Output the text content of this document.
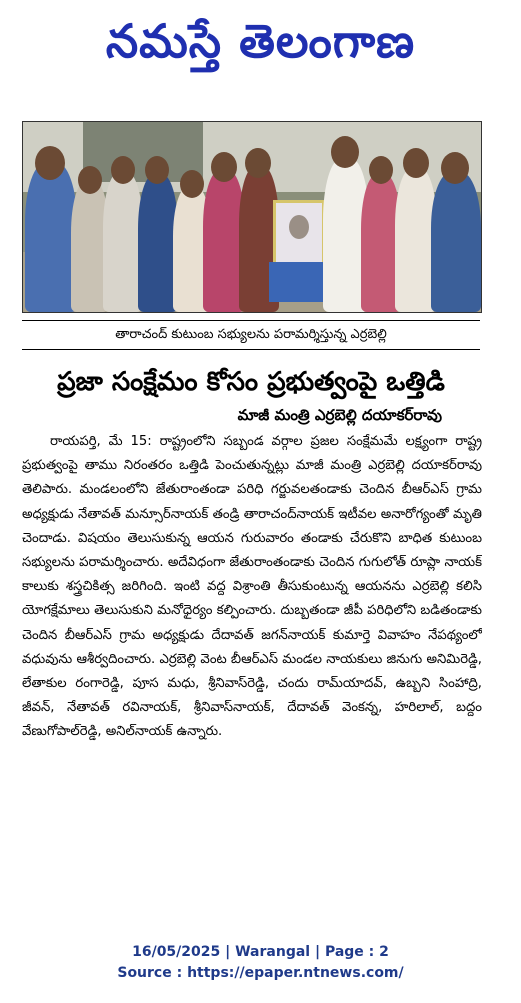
నమస్తే తెలంగాణ

తారాచంద్ కుటుంబ సభ్యులను పరామర్శిస్తున్న ఎర్రబెల్లి
ప్రజా సంక్షేమం కోసం ప్రభుత్వంపై ఒత్తిడి
మాజీ మంత్రి ఎర్రబెల్లి దయాకర్‌రావు
రాయపర్తి, మే 15: రాష్ట్రంలోని సబ్బండ వర్గాల ప్రజల సంక్షేమమే లక్ష్యంగా రాష్ట్ర ప్రభుత్వంపై తాము నిరంతరం ఒత్తిడి పెంచుతున్నట్లు మాజీ మంత్రి ఎర్రబెల్లి దయాకర్‌రావు తెలిపారు. మండలంలోని జేతురాంతండా పరిధి గర్జువలతండాకు చెందిన బీఆర్‌ఎస్ గ్రామ అధ్యక్షుడు నేతావత్ మన్సూర్‌నాయక్ తండ్రి తారాచంద్‌నాయక్ ఇటీవల అనారోగ్యంతో మృతి చెందాడు. విషయం తెలుసుకున్న ఆయన గురువారం తండాకు చేరుకొని బాధిత కుటుంబ సభ్యులను పరామర్శించారు. అదేవిధంగా జేతురాంతండాకు చెందిన గుగులోత్ రూప్లా నాయక్ కాలుకు శస్త్రచికిత్స జరిగింది. ఇంటి వద్ద విశ్రాంతి తీసుకుంటున్న ఆయనను ఎర్రబెల్లి కలిసి యోగక్షేమాలు తెలుసుకుని మనోధైర్యం కల్పించారు. దుబ్బతండా జీపీ పరిధిలోని బడితండాకు చెందిన బీఆర్‌ఎస్ గ్రామ అధ్యక్షుడు దేదావత్ జగన్‌నాయక్ కుమార్తె వివాహం నేపథ్యంలో వధువును ఆశీర్వదించారు. ఎర్రబెల్లి వెంట బీఆర్‌ఎస్ మండల నాయకులు జినుగు అనిమిరెడ్డి, లేతాకుల రంగారెడ్డి, పూస మధు, శ్రీనివాస్‌రెడ్డి, చందు రామ్‌యాదవ్, ఉబ్బని సింహాద్రి, జీవన్, నేతావత్ రవినాయక్, శ్రీనివాస్‌నాయక్, దేదావత్ వెంకన్న, హరిలాల్, బద్దం వేణుగోపాల్‌రెడ్డి, అనిల్‌నాయక్ ఉన్నారు.
16/05/2025 | Warangal | Page : 2
Source : https://epaper.ntnews.com/
